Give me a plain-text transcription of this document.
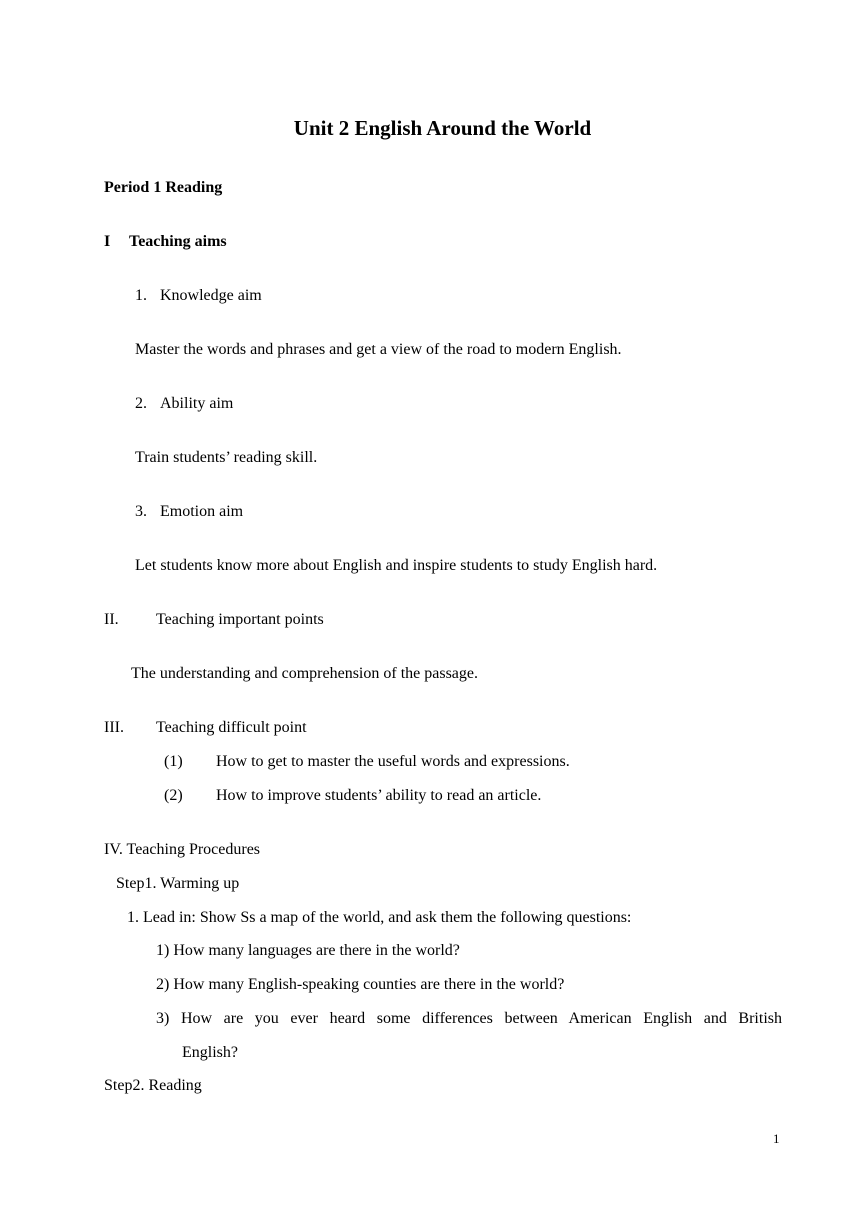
Unit 2 English Around the World
Period 1 Reading
I Teaching aims
1. Knowledge aim
Master the words and phrases and get a view of the road to modern English.
2. Ability aim
Train students’ reading skill.
3. Emotion aim
Let students know more about English and inspire students to study English hard.
II. Teaching important points
The understanding and comprehension of the passage.
III. Teaching difficult point
(1) How to get to master the useful words and expressions.
(2) How to improve students’ ability to read an article.
IV. Teaching Procedures
Step1. Warming up
1. Lead in: Show Ss a map of the world, and ask them the following questions:
1) How many languages are there in the world?
2) How many English-speaking counties are there in the world?
3) How are you ever heard some differences between American English and British
English?
Step2. Reading
1
